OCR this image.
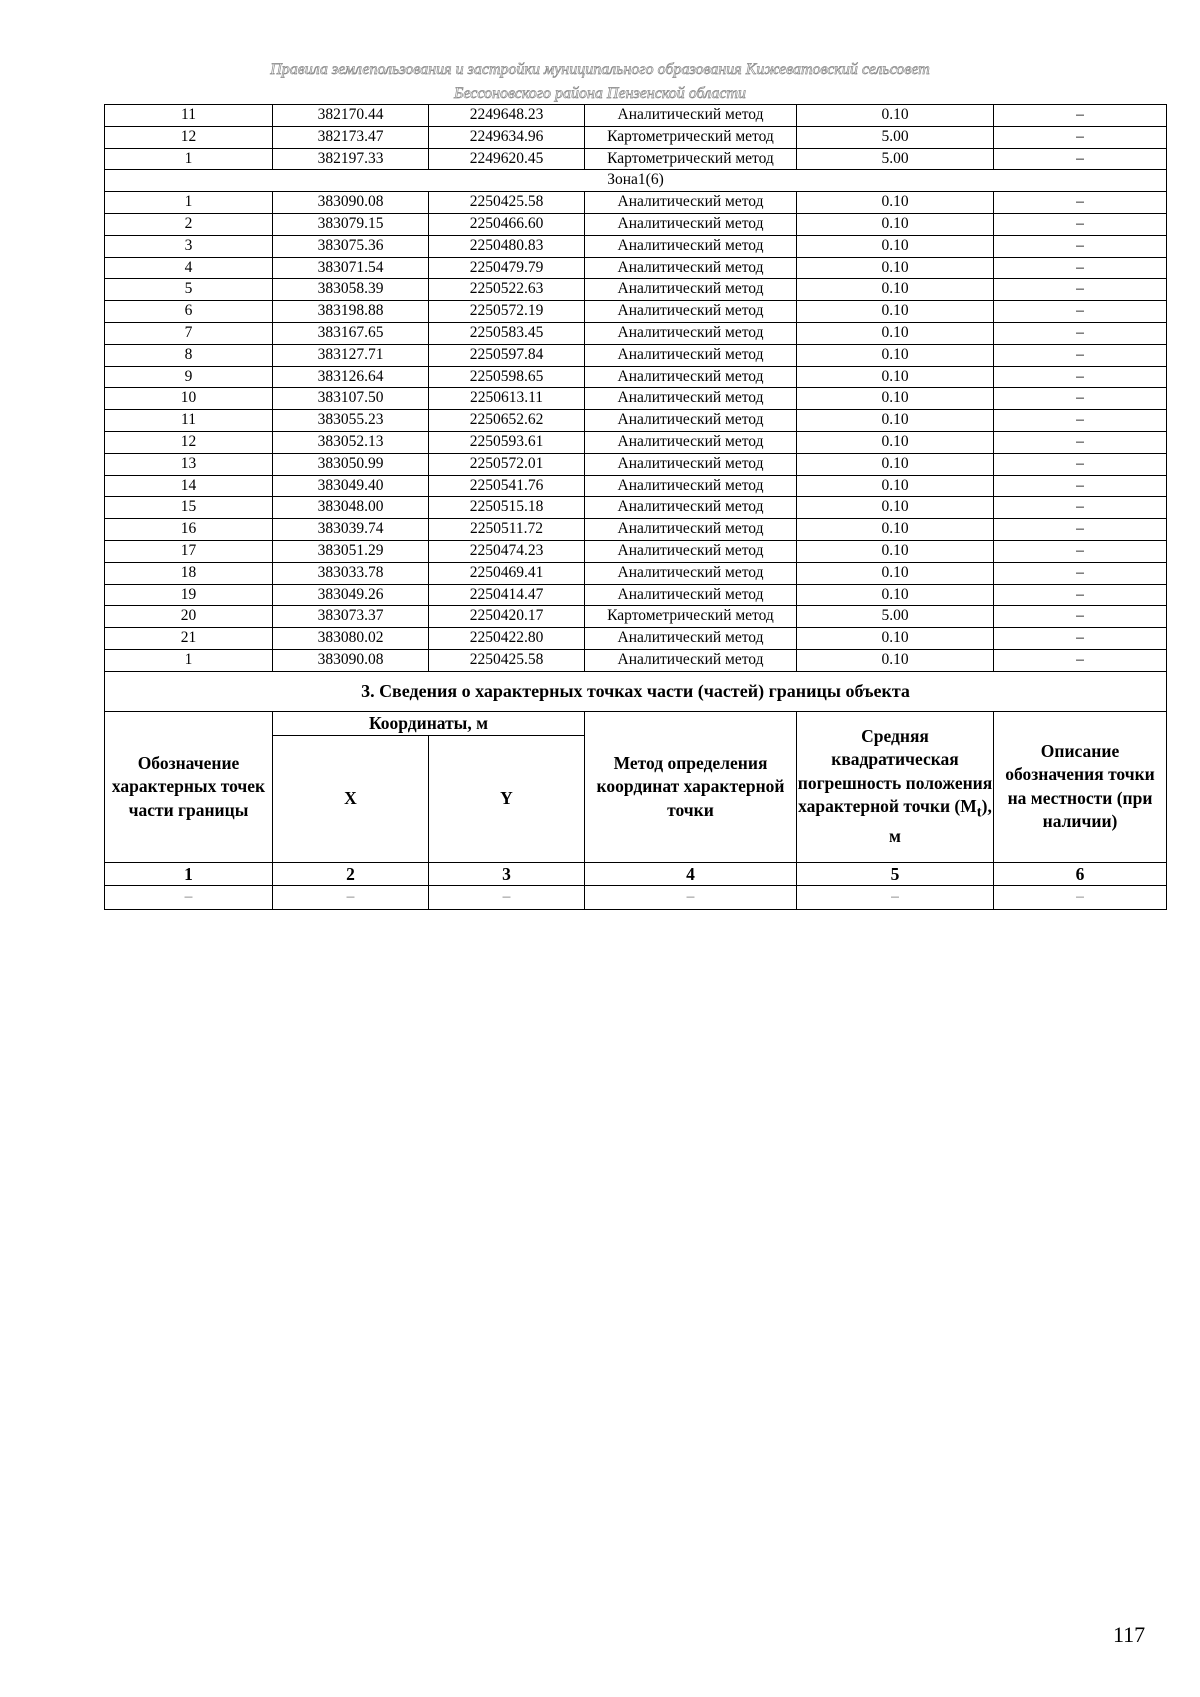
Правила землепользования и застройки муниципального образования Кижеватовский сельсовет
Бессоновского района Пензенской области
11	382170.44	2249648.23	Аналитический метод	0.10	–
12	382173.47	2249634.96	Картометрический метод	5.00	–
1	382197.33	2249620.45	Картометрический метод	5.00	–
Зона1(6)					
1	383090.08	2250425.58	Аналитический метод	0.10	–
2	383079.15	2250466.60	Аналитический метод	0.10	–
3	383075.36	2250480.83	Аналитический метод	0.10	–
4	383071.54	2250479.79	Аналитический метод	0.10	–
5	383058.39	2250522.63	Аналитический метод	0.10	–
6	383198.88	2250572.19	Аналитический метод	0.10	–
7	383167.65	2250583.45	Аналитический метод	0.10	–
8	383127.71	2250597.84	Аналитический метод	0.10	–
9	383126.64	2250598.65	Аналитический метод	0.10	–
10	383107.50	2250613.11	Аналитический метод	0.10	–
11	383055.23	2250652.62	Аналитический метод	0.10	–
12	383052.13	2250593.61	Аналитический метод	0.10	–
13	383050.99	2250572.01	Аналитический метод	0.10	–
14	383049.40	2250541.76	Аналитический метод	0.10	–
15	383048.00	2250515.18	Аналитический метод	0.10	–
16	383039.74	2250511.72	Аналитический метод	0.10	–
17	383051.29	2250474.23	Аналитический метод	0.10	–
18	383033.78	2250469.41	Аналитический метод	0.10	–
19	383049.26	2250414.47	Аналитический метод	0.10	–
20	383073.37	2250420.17	Картометрический метод	5.00	–
21	383080.02	2250422.80	Аналитический метод	0.10	–
1	383090.08	2250425.58	Аналитический метод	0.10	–
3. Сведения о характерных точках части (частей) границы объекта					
Обозначение характерных точек части границы	Координаты, м		Метод определения координат характерной точки	Средняя квадратическая погрешность положения характерной точки $(M_t)$, м	Описание обозначения точки на местности (при наличии)
	X	Y			
1	2	3	4	5	6
–	–	–	–	–	–
117
